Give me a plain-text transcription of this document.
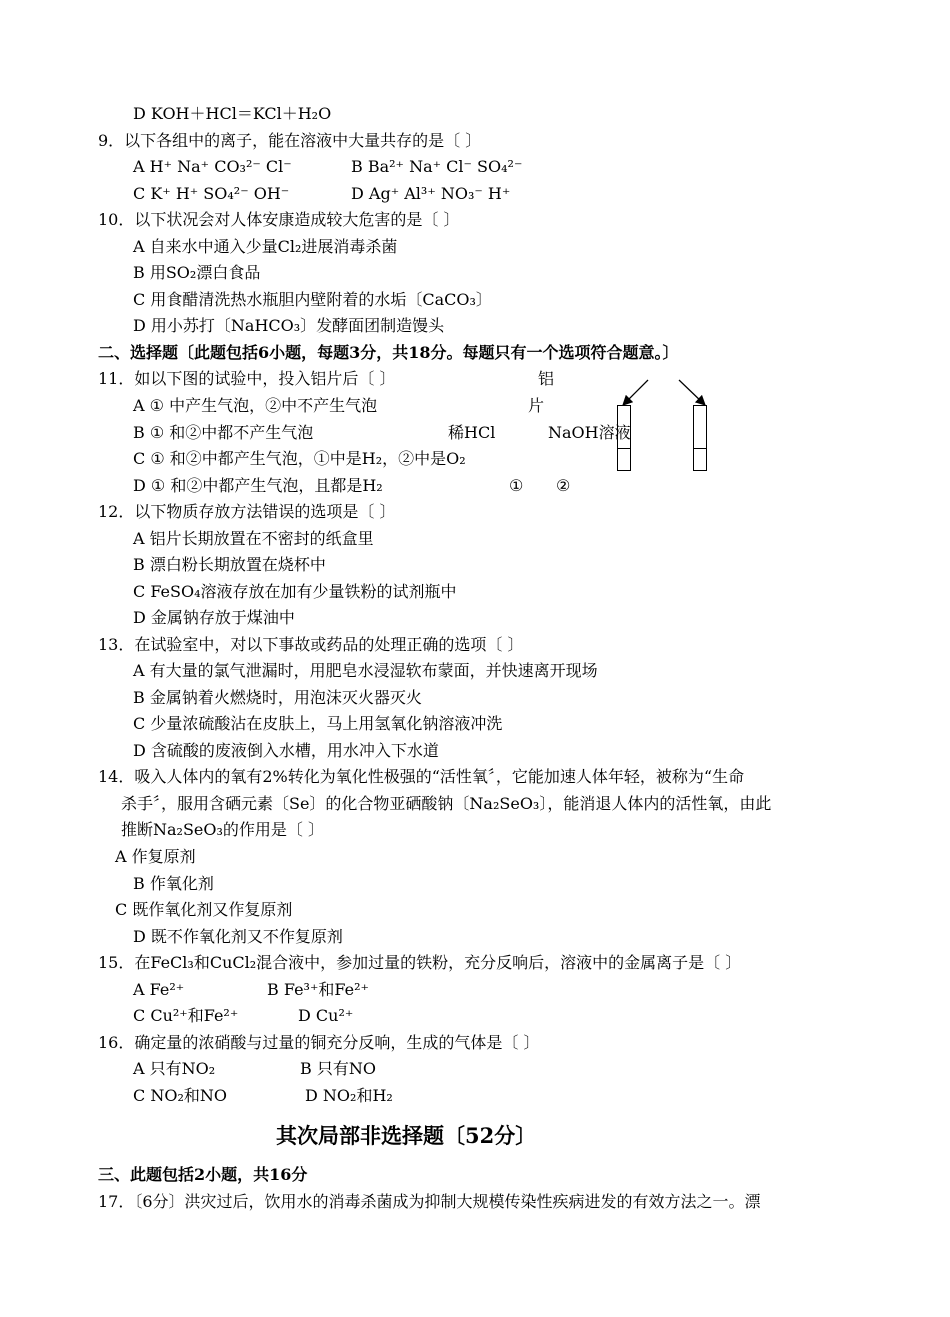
D KOH＋HCl＝KCl＋H₂O
9．以下各组中的离子，能在溶液中大量共存的是〔 〕
A H⁺ Na⁺ CO₃²⁻ Cl⁻	B Ba²⁺ Na⁺ Cl⁻ SO₄²⁻
C K⁺ H⁺ SO₄²⁻ OH⁻	D Ag⁺ Al³⁺ NO₃⁻ H⁺
10．以下状况会对人体安康造成较大危害的是〔 〕
A 自来水中通入少量Cl₂进展消毒杀菌
B 用SO₂漂白食品
C 用食醋清洗热水瓶胆内壁附着的水垢〔CaCO₃〕
D 用小苏打〔NaHCO₃〕发酵面团制造馒头
二、选择题〔此题包括6小题，每题3分，共18分。每题只有一个选项符合题意。〕
11．如以下图的试验中，投入铝片后〔 〕
A ① 中产生气泡，②中不产生气泡
B ① 和②中都不产生气泡
C ① 和②中都产生气泡，①中是H₂，②中是O₂
D ① 和②中都产生气泡，且都是H₂
铝
片
稀HCl	NaOH溶液
① ②
12．以下物质存放方法错误的选项是〔 〕
A 铝片长期放置在不密封的纸盒里
B 漂白粉长期放置在烧杯中
C FeSO₄溶液存放在加有少量铁粉的试剂瓶中
D 金属钠存放于煤油中
13．在试验室中，对以下事故或药品的处理正确的选项〔 〕
A 有大量的氯气泄漏时，用肥皂水浸湿软布蒙面，并快速离开现场
B 金属钠着火燃烧时，用泡沫灭火器灭火
C 少量浓硫酸沾在皮肤上，马上用氢氧化钠溶液冲洗
D 含硫酸的废液倒入水槽，用水冲入下水道
14．吸入人体内的氧有2%转化为氧化性极强的“活性氧〞，它能加速人体年轻，被称为“生命
杀手〞，服用含硒元素〔Se〕的化合物亚硒酸钠〔Na₂SeO₃〕，能消退人体内的活性氧，由此
推断Na₂SeO₃的作用是〔 〕
A 作复原剂
B 作氧化剂
C 既作氧化剂又作复原剂
D 既不作氧化剂又不作复原剂
15．在FeCl₃和CuCl₂混合液中，参加过量的铁粉，充分反响后，溶液中的金属离子是〔 〕
A Fe²⁺	B Fe³⁺和Fe²⁺
C Cu²⁺和Fe²⁺	D Cu²⁺
16．确定量的浓硝酸与过量的铜充分反响，生成的气体是〔 〕
A 只有NO₂	B 只有NO
C NO₂和NO	D NO₂和H₂
其次局部非选择题〔52分〕
三、此题包括2小题，共16分
17．〔6分〕洪灾过后，饮用水的消毒杀菌成为抑制大规模传染性疾病进发的有效方法之一。漂
